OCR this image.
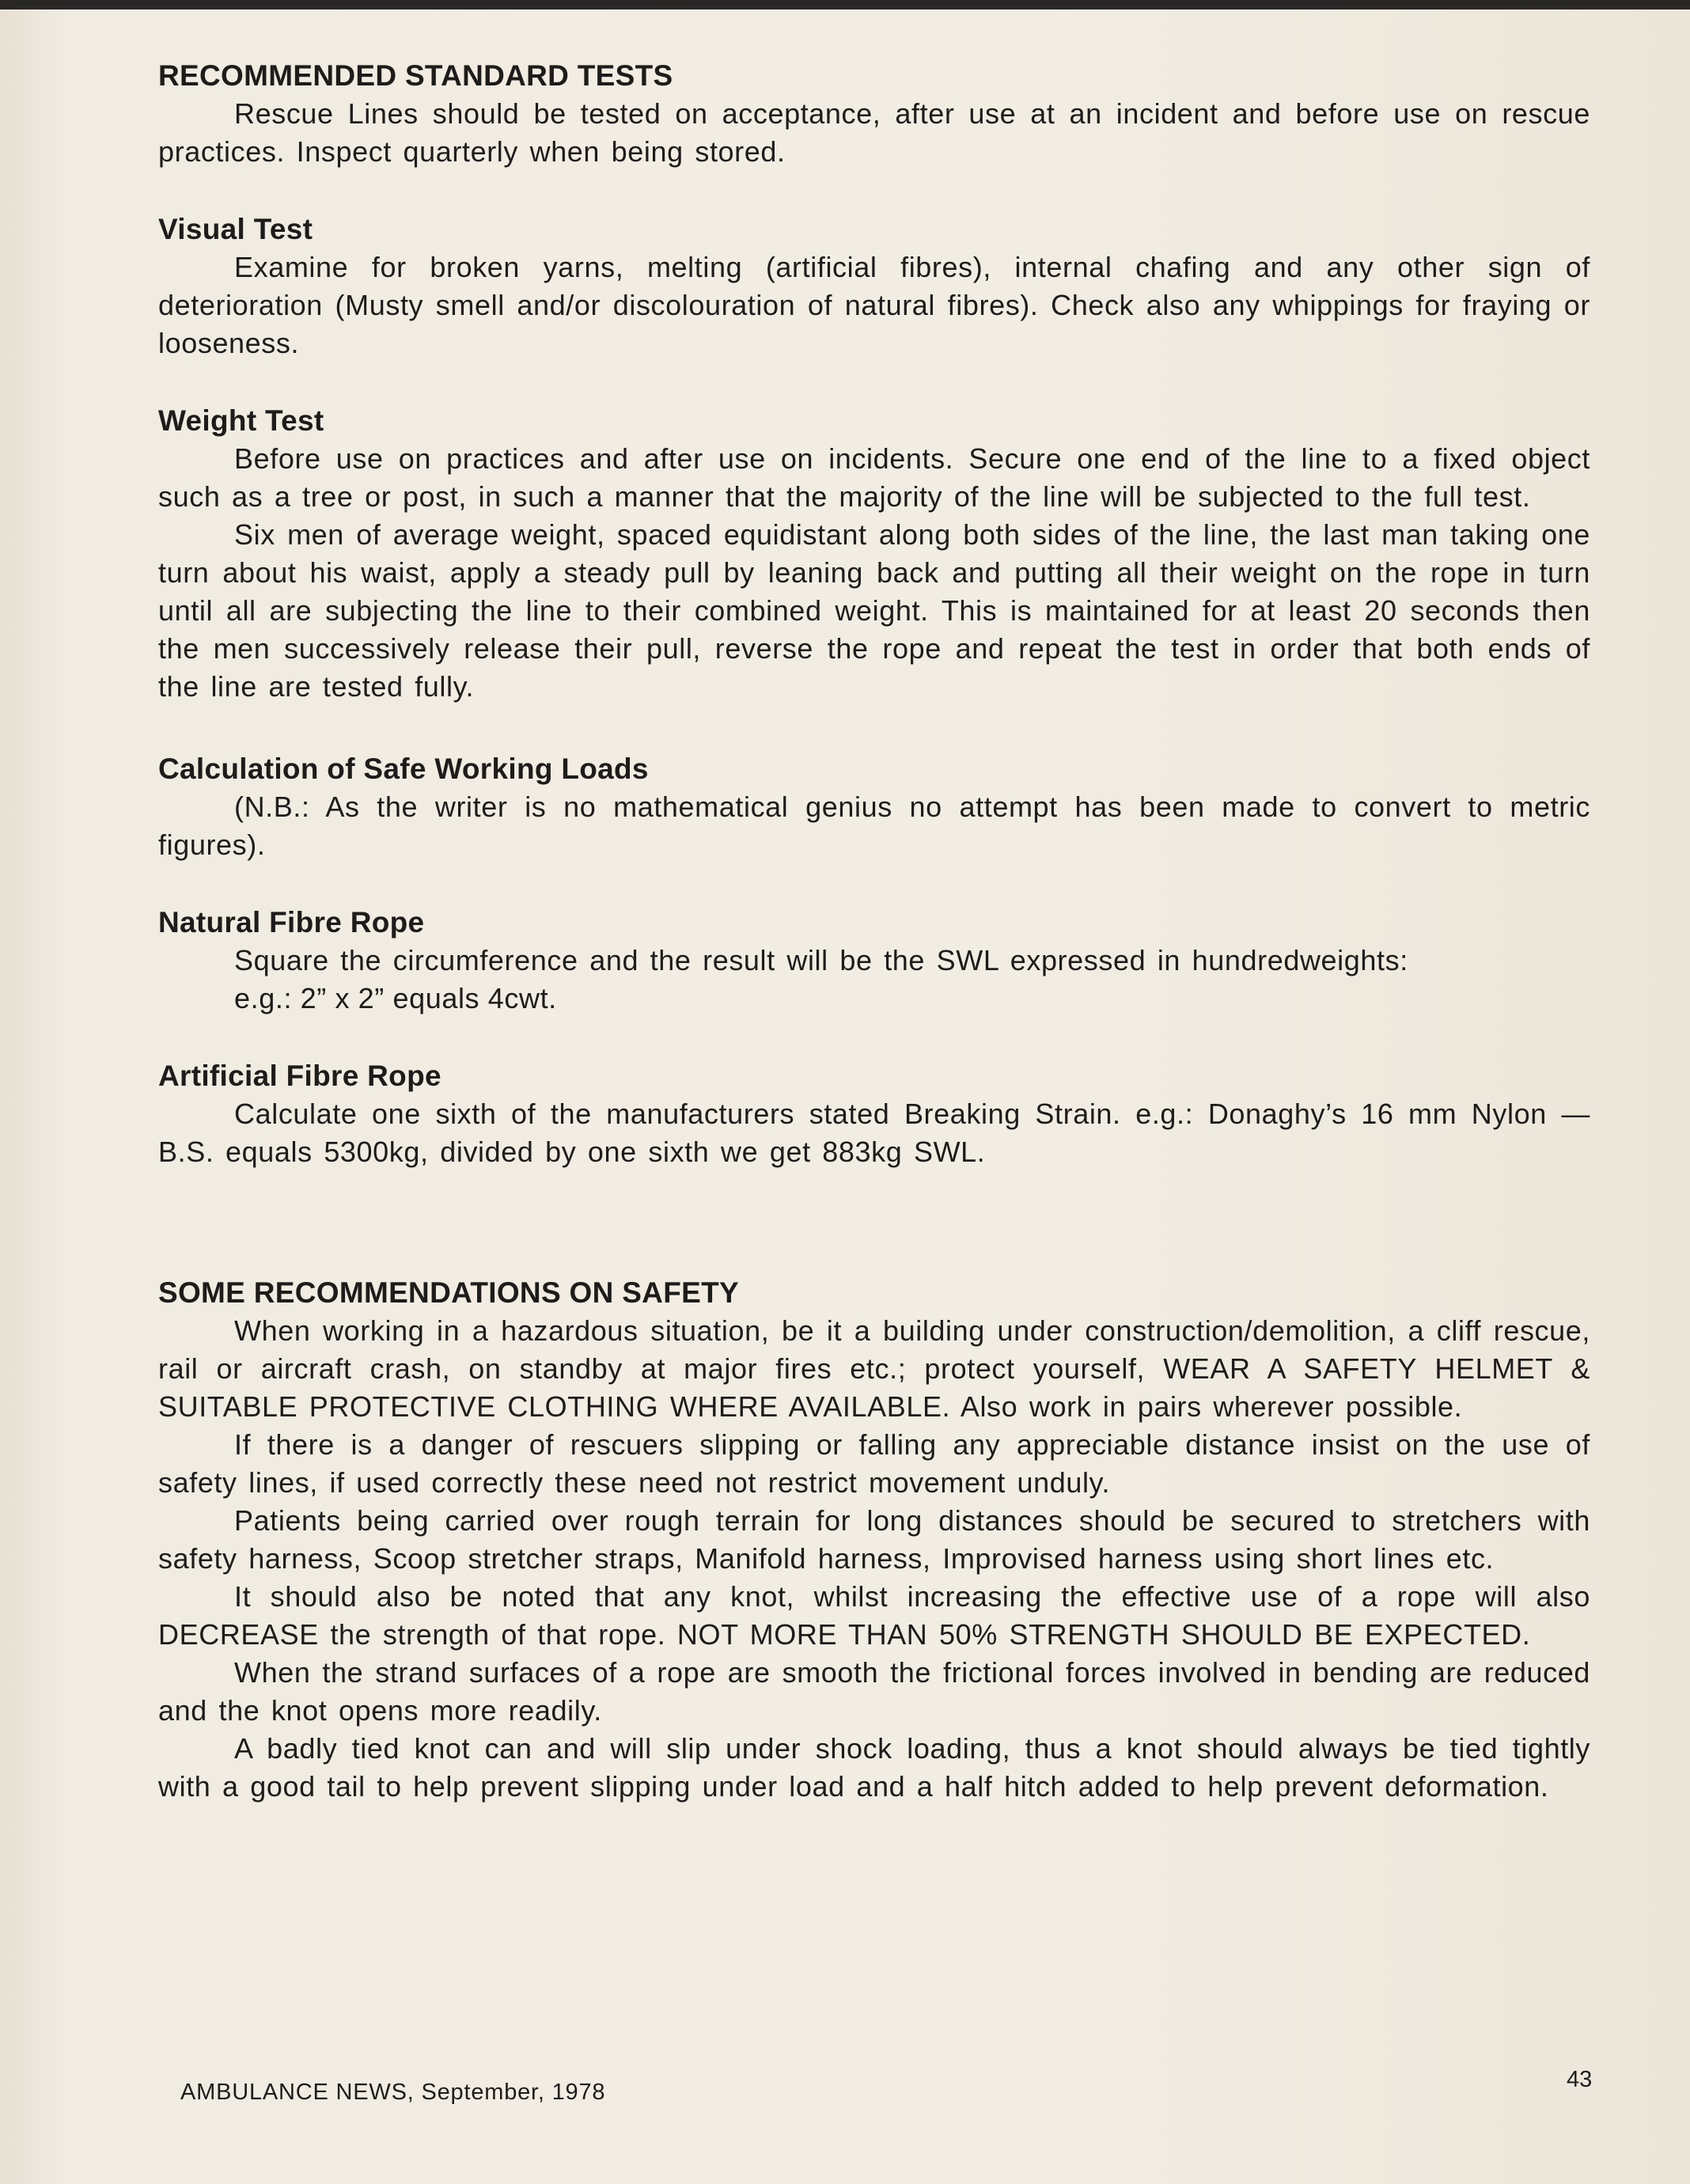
RECOMMENDED STANDARD TESTS

Rescue Lines should be tested on acceptance, after use at an incident and before use on rescue practices. Inspect quarterly when being stored.

Visual Test

Examine for broken yarns, melting (artificial fibres), internal chafing and any other sign of deterioration (Musty smell and/or discolouration of natural fibres). Check also any whippings for fraying or looseness.

Weight Test

Before use on practices and after use on incidents. Secure one end of the line to a fixed object such as a tree or post, in such a manner that the majority of the line will be subjected to the full test.

Six men of average weight, spaced equidistant along both sides of the line, the last man taking one turn about his waist, apply a steady pull by leaning back and putting all their weight on the rope in turn until all are subjecting the line to their combined weight. This is maintained for at least 20 seconds then the men successively release their pull, reverse the rope and repeat the test in order that both ends of the line are tested fully.

Calculation of Safe Working Loads

(N.B.: As the writer is no mathematical genius no attempt has been made to convert to metric figures).

Natural Fibre Rope

Square the circumference and the result will be the SWL expressed in hundredweights:

e.g.: 2” x 2” equals 4cwt.

Artificial Fibre Rope

Calculate one sixth of the manufacturers stated Breaking Strain. e.g.: Donaghy’s 16 mm Nylon — B.S. equals 5300kg, divided by one sixth we get 883kg SWL.

SOME RECOMMENDATIONS ON SAFETY

When working in a hazardous situation, be it a building under construction/demolition, a cliff rescue, rail or aircraft crash, on standby at major fires etc.; protect yourself, WEAR A SAFETY HELMET & SUITABLE PROTECTIVE CLOTHING WHERE AVAILABLE. Also work in pairs wherever possible.

If there is a danger of rescuers slipping or falling any appreciable distance insist on the use of safety lines, if used correctly these need not restrict movement unduly.

Patients being carried over rough terrain for long distances should be secured to stretchers with safety harness, Scoop stretcher straps, Manifold harness, Improvised harness using short lines etc.

It should also be noted that any knot, whilst increasing the effective use of a rope will also DECREASE the strength of that rope. NOT MORE THAN 50% STRENGTH SHOULD BE EXPECTED.

When the strand surfaces of a rope are smooth the frictional forces involved in bending are reduced and the knot opens more readily.

A badly tied knot can and will slip under shock loading, thus a knot should always be tied tightly with a good tail to help prevent slipping under load and a half hitch added to help prevent deformation.

AMBULANCE NEWS, September, 1978	43
